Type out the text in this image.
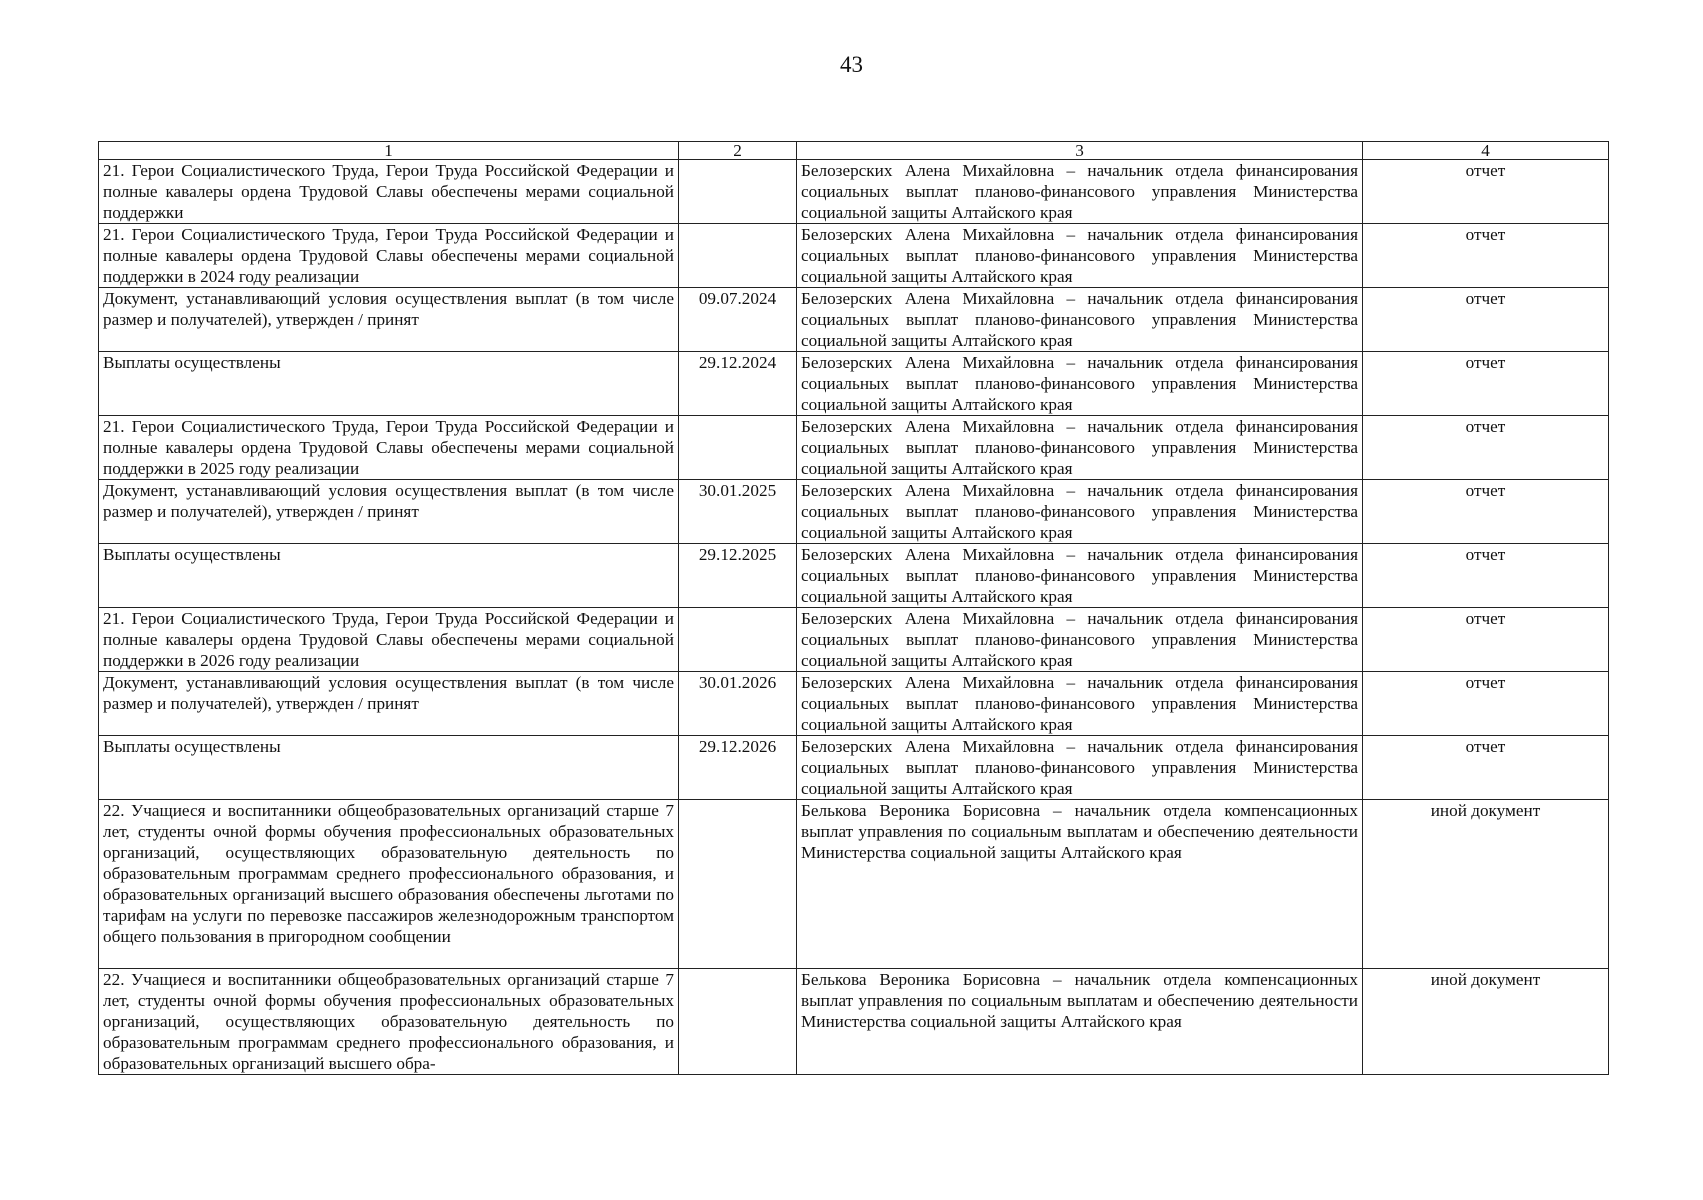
43
1	2	3	4
21. Герои Социалистического Труда, Герои Труда Российской Федерации и полные кавалеры ордена Трудовой Славы обеспечены мерами социальной поддержки		Белозерских Алена Михайловна – начальник отдела финансирования социальных выплат планово-финансового управления Министерства социальной защиты Алтайского края	отчет
21. Герои Социалистического Труда, Герои Труда Российской Федерации и полные кавалеры ордена Трудовой Славы обеспечены мерами социальной поддержки в 2024 году реализации		Белозерских Алена Михайловна – начальник отдела финансирования социальных выплат планово-финансового управления Министерства социальной защиты Алтайского края	отчет
Документ, устанавливающий условия осуществления выплат (в том числе размер и получателей), утвержден / принят	09.07.2024	Белозерских Алена Михайловна – начальник отдела финансирования социальных выплат планово-финансового управления Министерства социальной защиты Алтайского края	отчет
Выплаты осуществлены	29.12.2024	Белозерских Алена Михайловна – начальник отдела финансирования социальных выплат планово-финансового управления Министерства социальной защиты Алтайского края	отчет
21. Герои Социалистического Труда, Герои Труда Российской Федерации и полные кавалеры ордена Трудовой Славы обеспечены мерами социальной поддержки в 2025 году реализации		Белозерских Алена Михайловна – начальник отдела финансирования социальных выплат планово-финансового управления Министерства социальной защиты Алтайского края	отчет
Документ, устанавливающий условия осуществления выплат (в том числе размер и получателей), утвержден / принят	30.01.2025	Белозерских Алена Михайловна – начальник отдела финансирования социальных выплат планово-финансового управления Министерства социальной защиты Алтайского края	отчет
Выплаты осуществлены	29.12.2025	Белозерских Алена Михайловна – начальник отдела финансирования социальных выплат планово-финансового управления Министерства социальной защиты Алтайского края	отчет
21. Герои Социалистического Труда, Герои Труда Российской Федерации и полные кавалеры ордена Трудовой Славы обеспечены мерами социальной поддержки в 2026 году реализации		Белозерских Алена Михайловна – начальник отдела финансирования социальных выплат планово-финансового управления Министерства социальной защиты Алтайского края	отчет
Документ, устанавливающий условия осуществления выплат (в том числе размер и получателей), утвержден / принят	30.01.2026	Белозерских Алена Михайловна – начальник отдела финансирования социальных выплат планово-финансового управления Министерства социальной защиты Алтайского края	отчет
Выплаты осуществлены	29.12.2026	Белозерских Алена Михайловна – начальник отдела финансирования социальных выплат планово-финансового управления Министерства социальной защиты Алтайского края	отчет
22. Учащиеся и воспитанники общеобразовательных организаций старше 7 лет, студенты очной формы обучения профессиональных образовательных организаций, осуществляющих образовательную деятельность по образовательным программам среднего профессионального образования, и образовательных организаций высшего образования обеспечены льготами по тарифам на услуги по перевозке пассажиров железнодорожным транспортом общего пользования в пригородном сообщении		Белькова Вероника Борисовна – начальник отдела компенсационных выплат управления по социальным выплатам и обеспечению деятельности Министерства социальной защиты Алтайского края	иной документ
22. Учащиеся и воспитанники общеобразовательных организаций старше 7 лет, студенты очной формы обучения профессиональных образовательных организаций, осуществляющих образовательную деятельность по образовательным программам среднего профессионального образования, и образовательных организаций высшего обра-		Белькова Вероника Борисовна – начальник отдела компенсационных выплат управления по социальным выплатам и обеспечению деятельности Министерства социальной защиты Алтайского края	иной документ
